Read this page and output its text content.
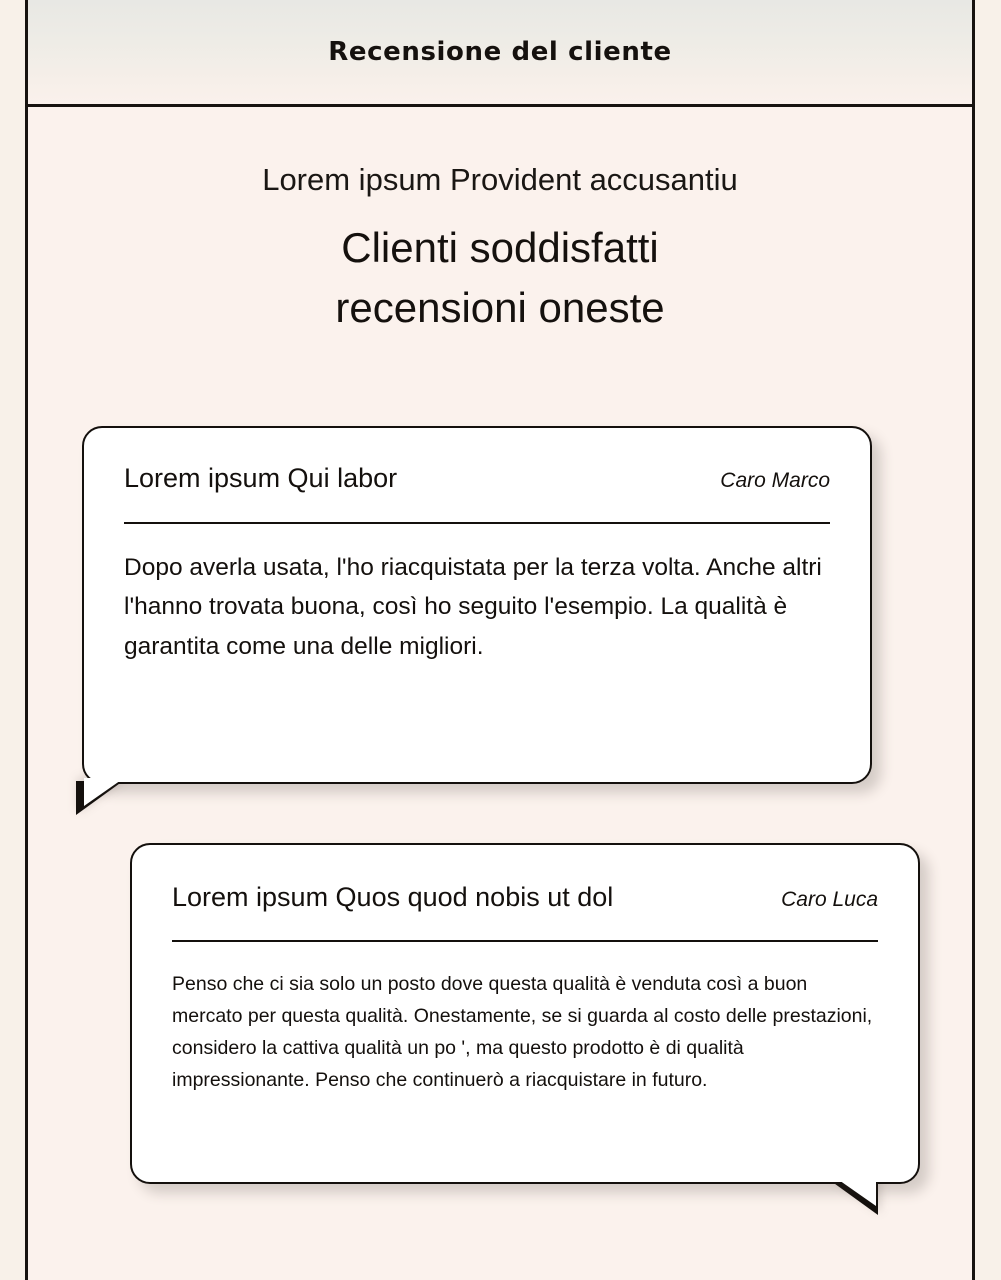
Recensione del cliente

Lorem ipsum Provident accusantiu

Clienti soddisfatti
recensioni oneste
Lorem ipsum Qui labor	Caro Marco
Dopo averla usata, l'ho riacquistata per la terza volta. Anche altri l'hanno trovata buona, così ho seguito l'esempio. La qualità è garantita come una delle migliori.
Lorem ipsum Quos quod nobis ut dol	Caro Luca
Penso che ci sia solo un posto dove questa qualità è venduta così a buon mercato per questa qualità. Onestamente, se si guarda al costo delle prestazioni, considero la cattiva qualità un po ', ma questo prodotto è di qualità impressionante. Penso che continuerò a riacquistare in futuro.
